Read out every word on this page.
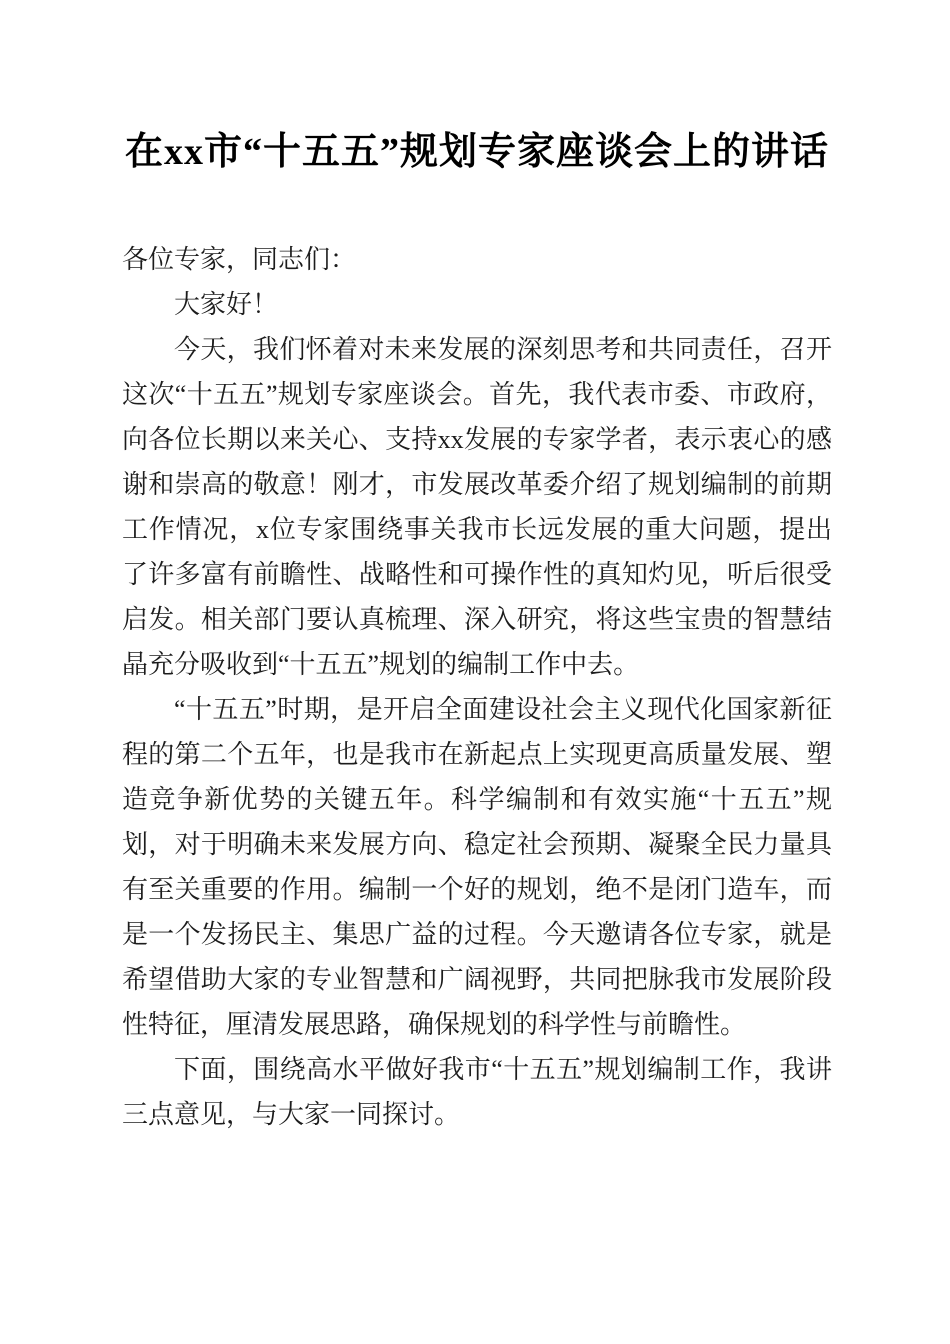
在xx市“十五五”规划专家座谈会上的讲话

各位专家，同志们：

大家好！

今天，我们怀着对未来发展的深刻思考和共同责任，召开这次“十五五”规划专家座谈会。首先，我代表市委、市政府，向各位长期以来关心、支持xx发展的专家学者，表示衷心的感谢和崇高的敬意！刚才，市发展改革委介绍了规划编制的前期工作情况，x位专家围绕事关我市长远发展的重大问题，提出了许多富有前瞻性、战略性和可操作性的真知灼见，听后很受启发。相关部门要认真梳理、深入研究，将这些宝贵的智慧结晶充分吸收到“十五五”规划的编制工作中去。

“十五五”时期，是开启全面建设社会主义现代化国家新征程的第二个五年，也是我市在新起点上实现更高质量发展、塑造竞争新优势的关键五年。科学编制和有效实施“十五五”规划，对于明确未来发展方向、稳定社会预期、凝聚全民力量具有至关重要的作用。编制一个好的规划，绝不是闭门造车，而是一个发扬民主、集思广益的过程。今天邀请各位专家，就是希望借助大家的专业智慧和广阔视野，共同把脉我市发展阶段性特征，厘清发展思路，确保规划的科学性与前瞻性。

下面，围绕高水平做好我市“十五五”规划编制工作，我讲三点意见，与大家一同探讨。
